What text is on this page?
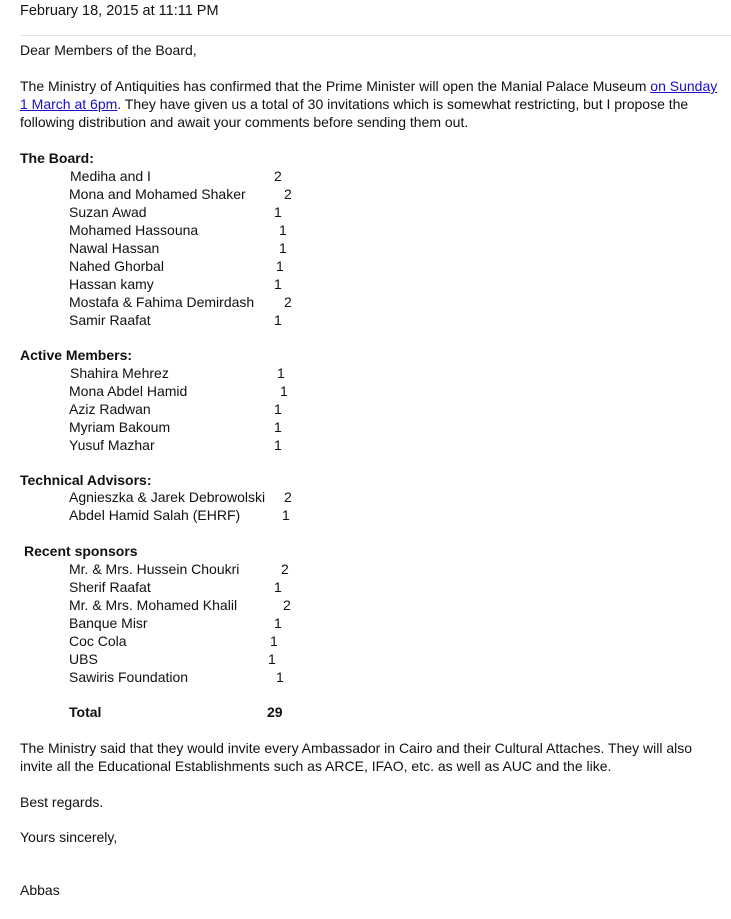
February 18, 2015 at 11:11 PM
Dear Members of the Board,
The Ministry of Antiquities has confirmed that the Prime Minister will open the Manial Palace Museum on Sunday 1 March at 6pm. They have given us a total of 30 invitations which is somewhat restricting, but I propose the following distribution and await your comments before sending them out.
The Board:
Mediha and I	2
Mona and Mohamed Shaker	2
Suzan Awad	1
Mohamed Hassouna	1
Nawal Hassan	1
Nahed Ghorbal	1
Hassan kamy	1
Mostafa & Fahima Demirdash 2
Samir Raafat	1
Active Members:
Shahira Mehrez	1
Mona Abdel Hamid	1
Aziz Radwan	1
Myriam Bakoum	1
Yusuf Mazhar	1
Technical Advisors:
Agnieszka & Jarek Debrowolski 2
Abdel Hamid Salah (EHRF)	1
Recent sponsors
Mr. & Mrs. Hussein Choukri	2
Sherif Raafat	1
Mr. & Mrs. Mohamed Khalil	2
Banque Misr	1
Coc Cola	1
UBS	1
Sawiris Foundation	1
Total	29
The Ministry said that they would invite every Ambassador in Cairo and their Cultural Attaches. They will also invite all the Educational Establishments such as ARCE, IFAO, etc. as well as AUC and the like.
Best regards.
Yours sincerely,
Abbas
